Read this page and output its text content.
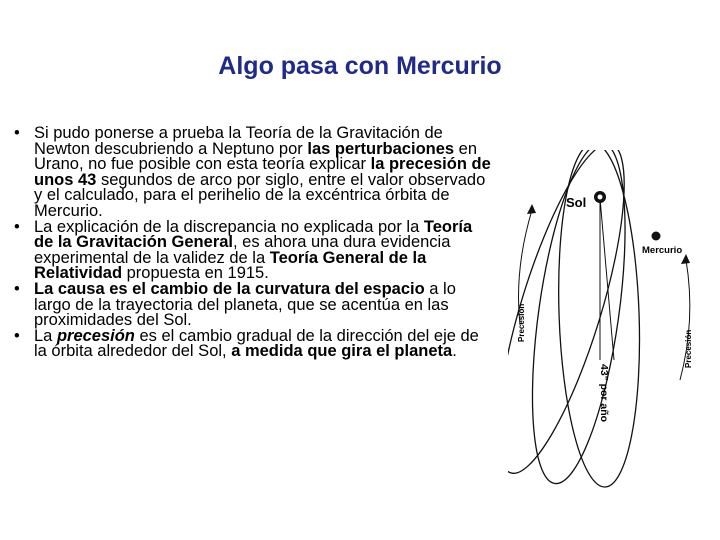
Algo pasa con Mercurio
• Si pudo ponerse a prueba la Teoría de la Gravitación de Newton descubriendo a Neptuno por las perturbaciones en Urano, no fue posible con esta teoría explicar la precesión de unos 43 segundos de arco por siglo, entre el valor observado y el calculado, para el perihelio de la excéntrica órbita de Mercurio.
• La explicación de la discrepancia no explicada por la Teoría de la Gravitación General, es ahora una dura evidencia experimental de la validez de la Teoría General de la Relatividad propuesta en 1915.
• La causa es el cambio de la curvatura del espacio a lo largo de la trayectoria del planeta, que se acentúa en las proximidades del Sol.
• La precesión es el cambio gradual de la dirección del eje de la órbita alrededor del Sol, a medida que gira el planeta.
Sol
Mercurio
Precesión
Precesión
43" por año
